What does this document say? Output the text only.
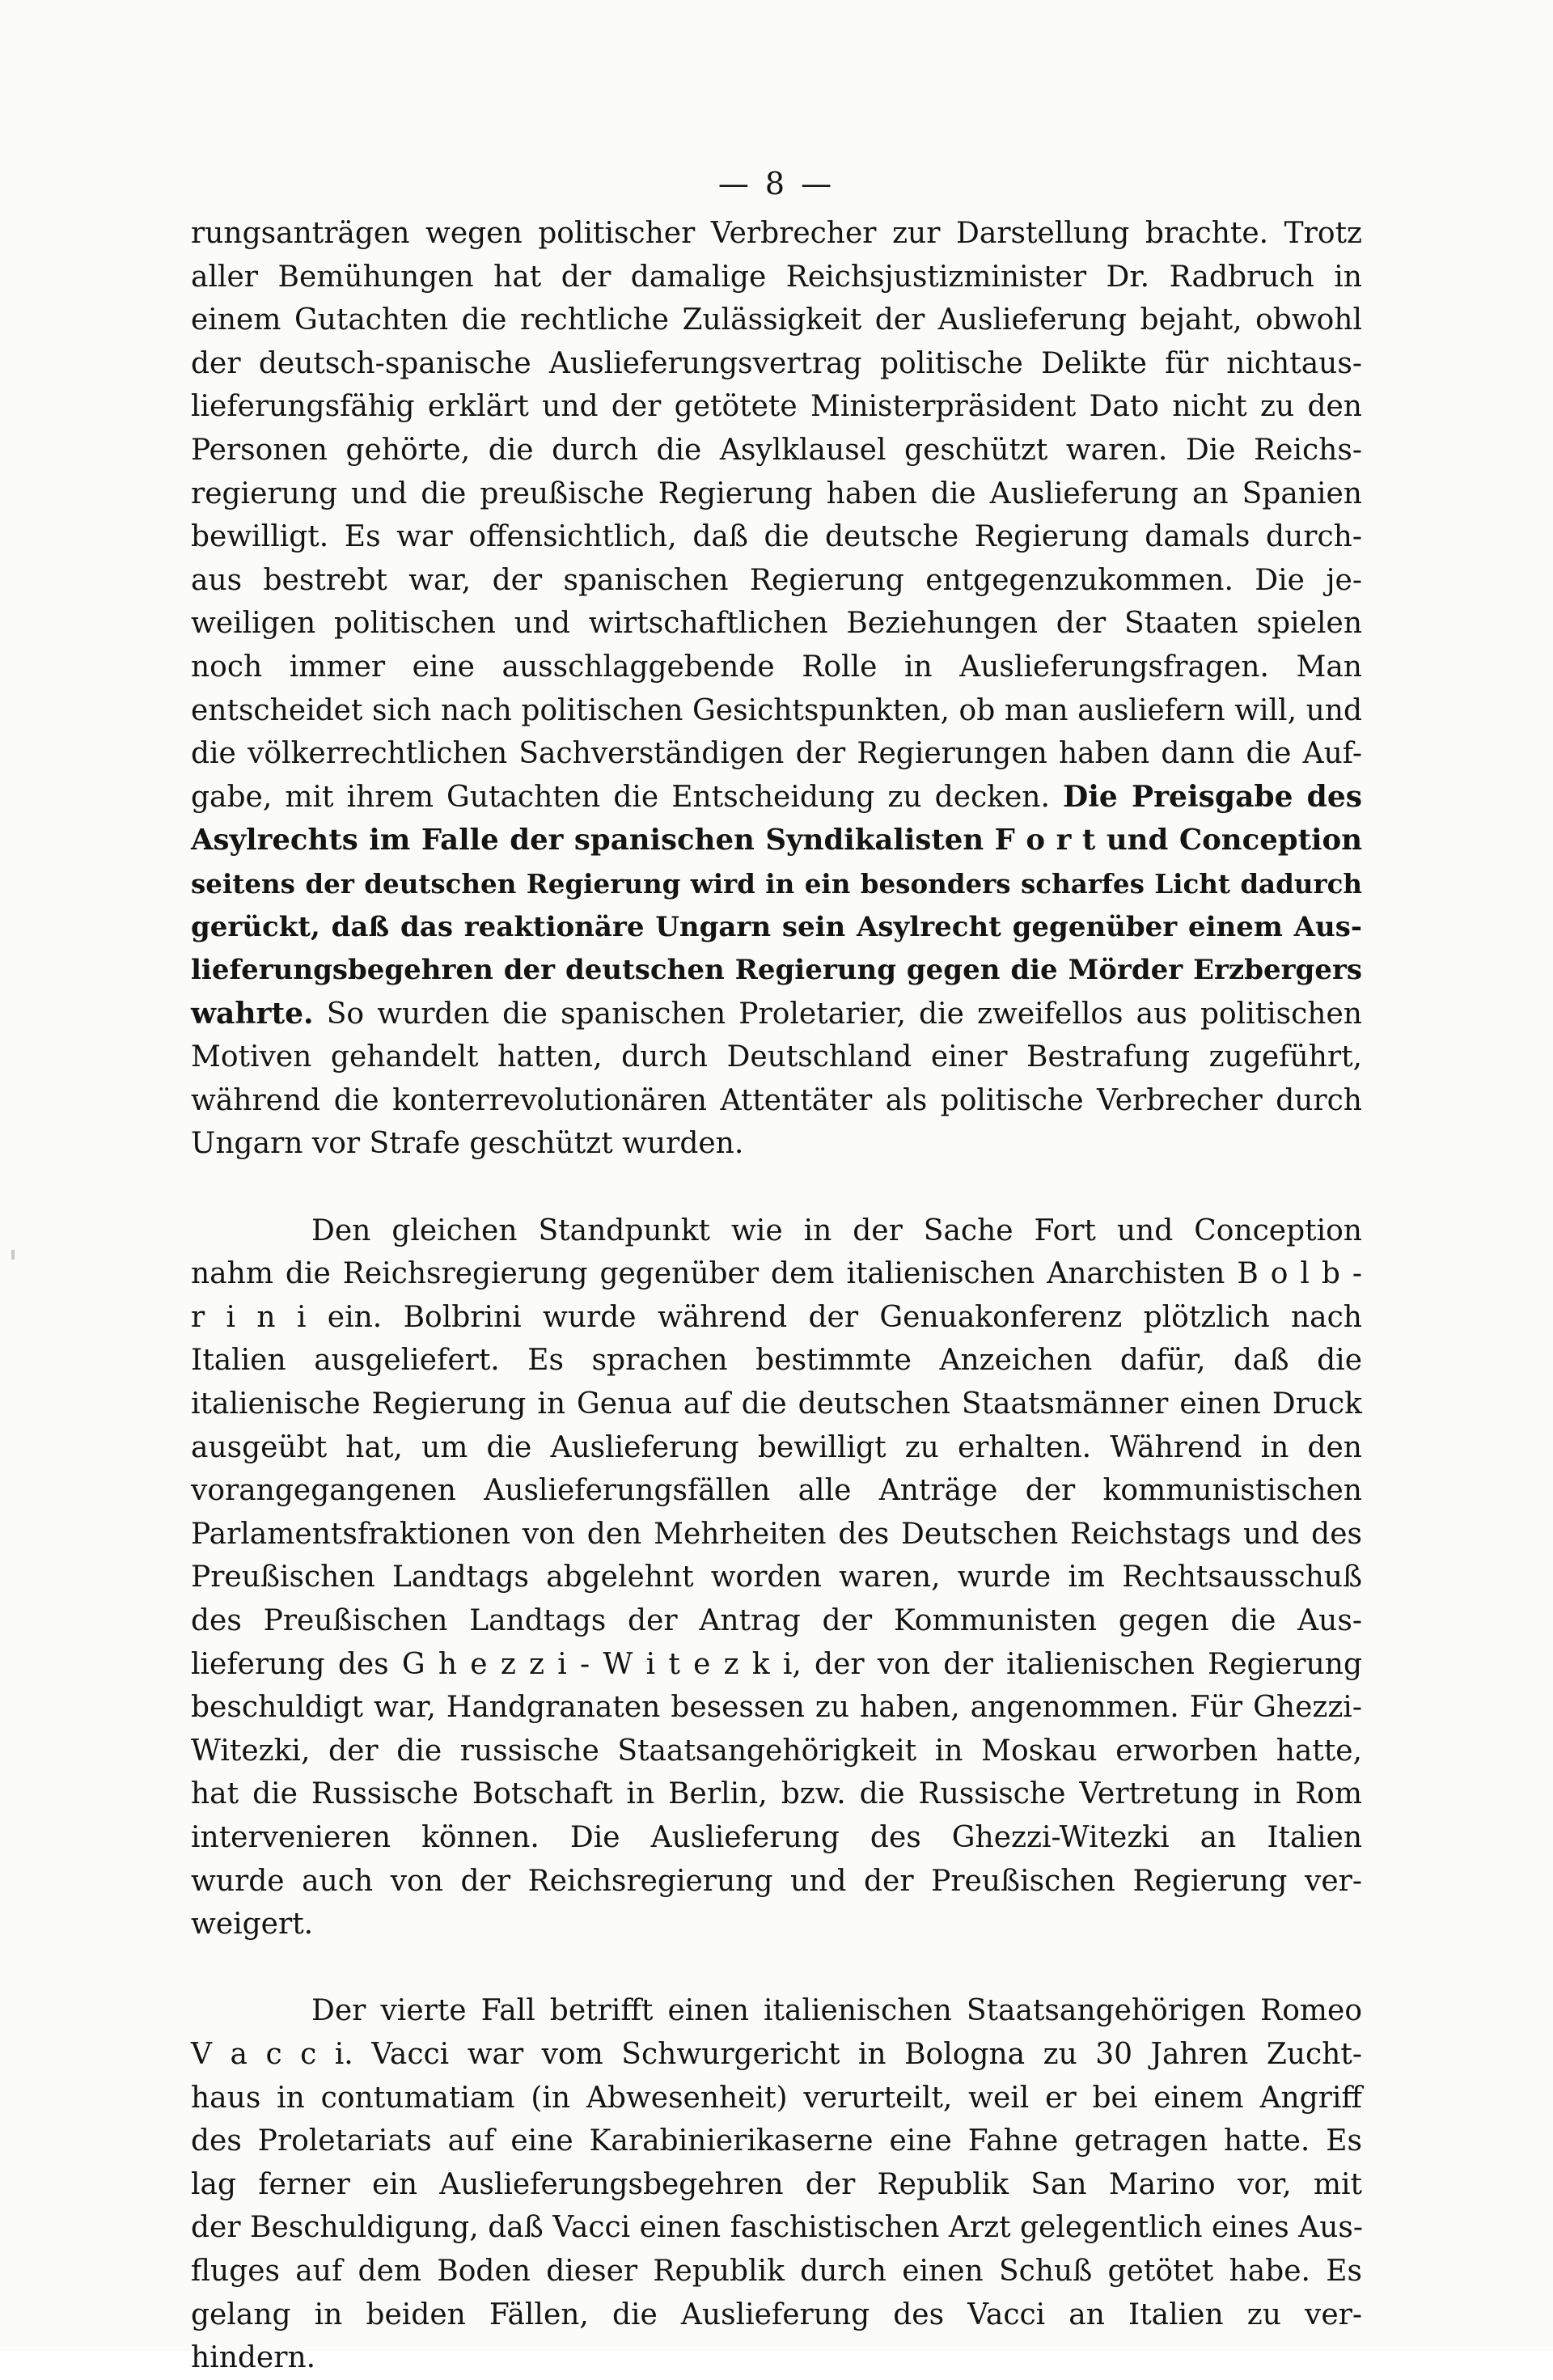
— 8 —

rungsanträgen wegen politischer Verbrecher zur Darstellung brachte. Trotz
aller Bemühungen hat der damalige Reichsjustizminister Dr. Radbruch in
einem Gutachten die rechtliche Zulässigkeit der Auslieferung bejaht, obwohl
der deutsch-spanische Auslieferungsvertrag politische Delikte für nichtaus-
lieferungsfähig erklärt und der getötete Ministerpräsident Dato nicht zu den
Personen gehörte, die durch die Asylklausel geschützt waren. Die Reichs-
regierung und die preußische Regierung haben die Auslieferung an Spanien
bewilligt. Es war offensichtlich, daß die deutsche Regierung damals durch-
aus bestrebt war, der spanischen Regierung entgegenzukommen. Die je-
weiligen politischen und wirtschaftlichen Beziehungen der Staaten spielen
noch immer eine ausschlaggebende Rolle in Auslieferungsfragen. Man
entscheidet sich nach politischen Gesichtspunkten, ob man ausliefern will, und
die völkerrechtlichen Sachverständigen der Regierungen haben dann die Auf-
gabe, mit ihrem Gutachten die Entscheidung zu decken. Die Preisgabe des
Asylrechts im Falle der spanischen Syndikalisten F o r t und Conception
seitens der deutschen Regierung wird in ein besonders scharfes Licht dadurch
gerückt, daß das reaktionäre Ungarn sein Asylrecht gegenüber einem Aus-
lieferungsbegehren der deutschen Regierung gegen die Mörder Erzbergers
wahrte. So wurden die spanischen Proletarier, die zweifellos aus politischen
Motiven gehandelt hatten, durch Deutschland einer Bestrafung zugeführt,
während die konterrevolutionären Attentäter als politische Verbrecher durch
Ungarn vor Strafe geschützt wurden.

Den gleichen Standpunkt wie in der Sache Fort und Conception
nahm die Reichsregierung gegenüber dem italienischen Anarchisten B o l b -
r i n i ein. Bolbrini wurde während der Genuakonferenz plötzlich nach
Italien ausgeliefert. Es sprachen bestimmte Anzeichen dafür, daß die
italienische Regierung in Genua auf die deutschen Staatsmänner einen Druck
ausgeübt hat, um die Auslieferung bewilligt zu erhalten. Während in den
vorangegangenen Auslieferungsfällen alle Anträge der kommunistischen
Parlamentsfraktionen von den Mehrheiten des Deutschen Reichstags und des
Preußischen Landtags abgelehnt worden waren, wurde im Rechtsausschuß
des Preußischen Landtags der Antrag der Kommunisten gegen die Aus-
lieferung des G h e z z i - W i t e z k i, der von der italienischen Regierung
beschuldigt war, Handgranaten besessen zu haben, angenommen. Für Ghezzi-
Witezki, der die russische Staatsangehörigkeit in Moskau erworben hatte,
hat die Russische Botschaft in Berlin, bzw. die Russische Vertretung in Rom
intervenieren können. Die Auslieferung des Ghezzi-Witezki an Italien
wurde auch von der Reichsregierung und der Preußischen Regierung ver-
weigert.

Der vierte Fall betrifft einen italienischen Staatsangehörigen Romeo
V a c c i. Vacci war vom Schwurgericht in Bologna zu 30 Jahren Zucht-
haus in contumatiam (in Abwesenheit) verurteilt, weil er bei einem Angriff
des Proletariats auf eine Karabinierikaserne eine Fahne getragen hatte. Es
lag ferner ein Auslieferungsbegehren der Republik San Marino vor, mit
der Beschuldigung, daß Vacci einen faschistischen Arzt gelegentlich eines Aus-
fluges auf dem Boden dieser Republik durch einen Schuß getötet habe. Es
gelang in beiden Fällen, die Auslieferung des Vacci an Italien zu ver-
hindern.
